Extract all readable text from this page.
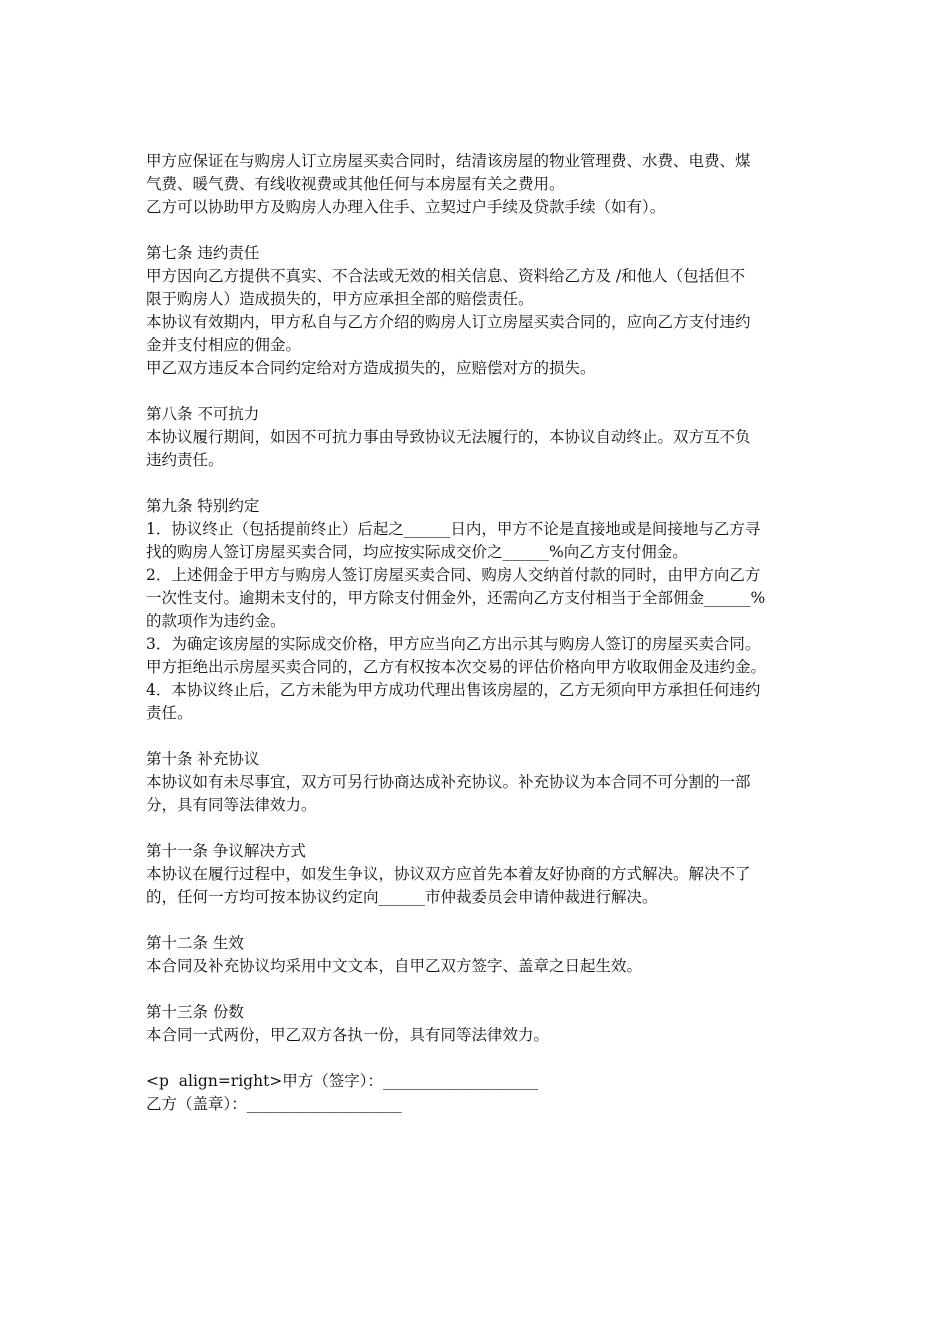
甲方应保证在与购房人订立房屋买卖合同时，结清该房屋的物业管理费、水费、电费、煤
气费、暖气费、有线收视费或其他任何与本房屋有关之费用。
乙方可以协助甲方及购房人办理入住手、立契过户手续及贷款手续（如有）。
第七条 违约责任
甲方因向乙方提供不真实、不合法或无效的相关信息、资料给乙方及 /和他人（包括但不
限于购房人）造成损失的，甲方应承担全部的赔偿责任。
本协议有效期内，甲方私自与乙方介绍的购房人订立房屋买卖合同的，应向乙方支付违约
金并支付相应的佣金。
甲乙双方违反本合同约定给对方造成损失的，应赔偿对方的损失。
第八条 不可抗力
本协议履行期间，如因不可抗力事由导致协议无法履行的，本协议自动终止。双方互不负
违约责任。
第九条 特别约定
1．协议终止（包括提前终止）后起之______日内，甲方不论是直接地或是间接地与乙方寻
找的购房人签订房屋买卖合同，均应按实际成交价之______%向乙方支付佣金。
2．上述佣金于甲方与购房人签订房屋买卖合同、购房人交纳首付款的同时，由甲方向乙方
一次性支付。逾期未支付的，甲方除支付佣金外，还需向乙方支付相当于全部佣金______%
的款项作为违约金。
3．为确定该房屋的实际成交价格，甲方应当向乙方出示其与购房人签订的房屋买卖合同。
甲方拒绝出示房屋买卖合同的，乙方有权按本次交易的评估价格向甲方收取佣金及违约金。
4．本协议终止后，乙方未能为甲方成功代理出售该房屋的，乙方无须向甲方承担任何违约
责任。
第十条 补充协议
本协议如有未尽事宜，双方可另行协商达成补充协议。补充协议为本合同不可分割的一部
分，具有同等法律效力。
第十一条 争议解决方式
本协议在履行过程中，如发生争议，协议双方应首先本着友好协商的方式解决。解决不了
的，任何一方均可按本协议约定向______市仲裁委员会申请仲裁进行解决。
第十二条 生效
本合同及补充协议均采用中文文本，自甲乙双方签字、盖章之日起生效。
第十三条 份数
本合同一式两份，甲乙双方各执一份，具有同等法律效力。
<p  align=right>甲方（签字）：____________________
乙方（盖章）：____________________
